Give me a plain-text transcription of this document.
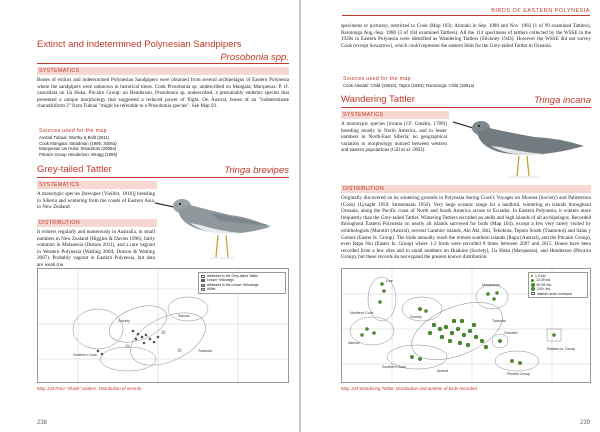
Extinct and indetermined Polynesian Sandpipers
Prosobonia spp.
SYSTEMATICS
Bones of extinct and indetermined Polynesian Sandpipers were obtained from several archipelagos of Eastern Polynesia where the sandpipers were unknown in historical times. Cook Prosobonia sp. undescribed on Mangaia; Marquesas: P. cf. cancellata on Ua Huka, Pitcairn Group: on Henderson, Prosobonia sp. undescribed, a presumably endemic species that presented a unique morphology that suggested a reduced power of flight. On Austral, bones of an "indeterminate charadriiform 2" from Tubuai "might be referable to a Prosobonia species". See Map 93.
Sources used for the map
Austral Tubuai: Worthy & Bollt (2011)
Cook Mangaia: Steadman (1985, 2006a)
Marquesas Ua Huka: Steadman (2006a)
Pitcairn Group Henderson: Wragg (1995)
Grey-tailed Tattler	Tringa brevipes
SYSTEMATICS
A monotypic species [brevipes (Vieillot, 1816)] breeding in Siberia and wintering from the coasts of Eastern Asia, to New Zealand.
DISTRIBUTION
It winters regularly and numerously in Australia, in small numbers in New Zealand (Higgins & Davies 1996), fairly common in Melanesia (Dutson 2011), and a rare vagrant in Western Polynesia (Watling 2004; Dutson & Watling 2007). Probably vagrant in Eastern Polynesia, but data are weak (no
Samoa
Southern Cook
Society
Tuamotu
attributed to the Grey-tailed Tattler
Lesser Yellowlegs
attributed to the Lesser Yellowlegs
Willet
Map 103 Rare "shank" waders. Distribution of records
238
specimens or pictures), restricted to Cook (Map 103): Aitutaki in Sep. 1980 and Nov. 1983 (1 of 99 examined Tattlers), Rarotonga Aug.-Sep. 1980 (3 of 104 examined Tattlers). All the 114 specimens of tattlers collected by the WSSE in the 1920s in Eastern Polynesia were identified as Wandering Tattlers (Stickney 1943). However the WSSE did not survey Cook (except Suwarrow), which could represent the eastern limit for the Grey-tailed Tattler in Oceania.
Sources used for the map
Cook Aitutaki: Child (1981b), Taylor (1984); Rarotonga: Child (1981a)
Wandering Tattler	Tringa incana
SYSTEMATICS
A monotypic species [incana (J.F. Gmelin, 1789)] breeding mostly in North America, and in lesser numbers in North-East Siberia; no geographical variation in morphology noticed between western and eastern populations (Gill et al. 2002).
DISTRIBUTION
Originally discovered on its wintering grounds in Polynesia during Cook's Voyages on Moorea (Society) and Palmerston (Cook) (Lysaght 1959; Stresemann 1950). Very large oceanic range for a landbird, wintering on islands throughout Oceania, along the Pacific coast of North and South America across to Ecuador. In Eastern Polynesia, it winters more frequently than the Grey-tailed Tattler. Wintering Tattlers recorded on atolls and high islands of all archipelagos. Recorded throughout Eastern Polynesia on nearly all islands surveyed for birds (Map 104), except a few very rarely visited by ornithologists (Marotiri (Austral), several Gambier islands, Aki Aki, Hiti, Tekokota, Tepoto South (Tuamotu)) and Salas y Gomez (Easter Is. Group). The birds annually reach the remote southern islands (Rapa (Austral), and the Pitcairn Group), even Rapa Nui (Easter Is. Group) where 1-2 birds were recorded 8 times between 2007 and 2015. Bones have been recorded from a few sites and in small numbers on Huahine (Society), Ua Huka (Marquesas), and Henderson (Pitcairn Group), but these records do not expand the present known distribution.
Line
Marquesas
Northern Cook
Society
Tuamotu
Samoa
Southern Cook
Austral
Gambier
Pitcairn Group
Eastern Is. Group
1-9 ind.
10-49 ind.
50-99 ind.
100+ ind.
Islands never surveyed
Map 104 Wandering Tattler. Distribution and number of birds recorded
239
BIRDS OF EASTERN POLYNESIA
